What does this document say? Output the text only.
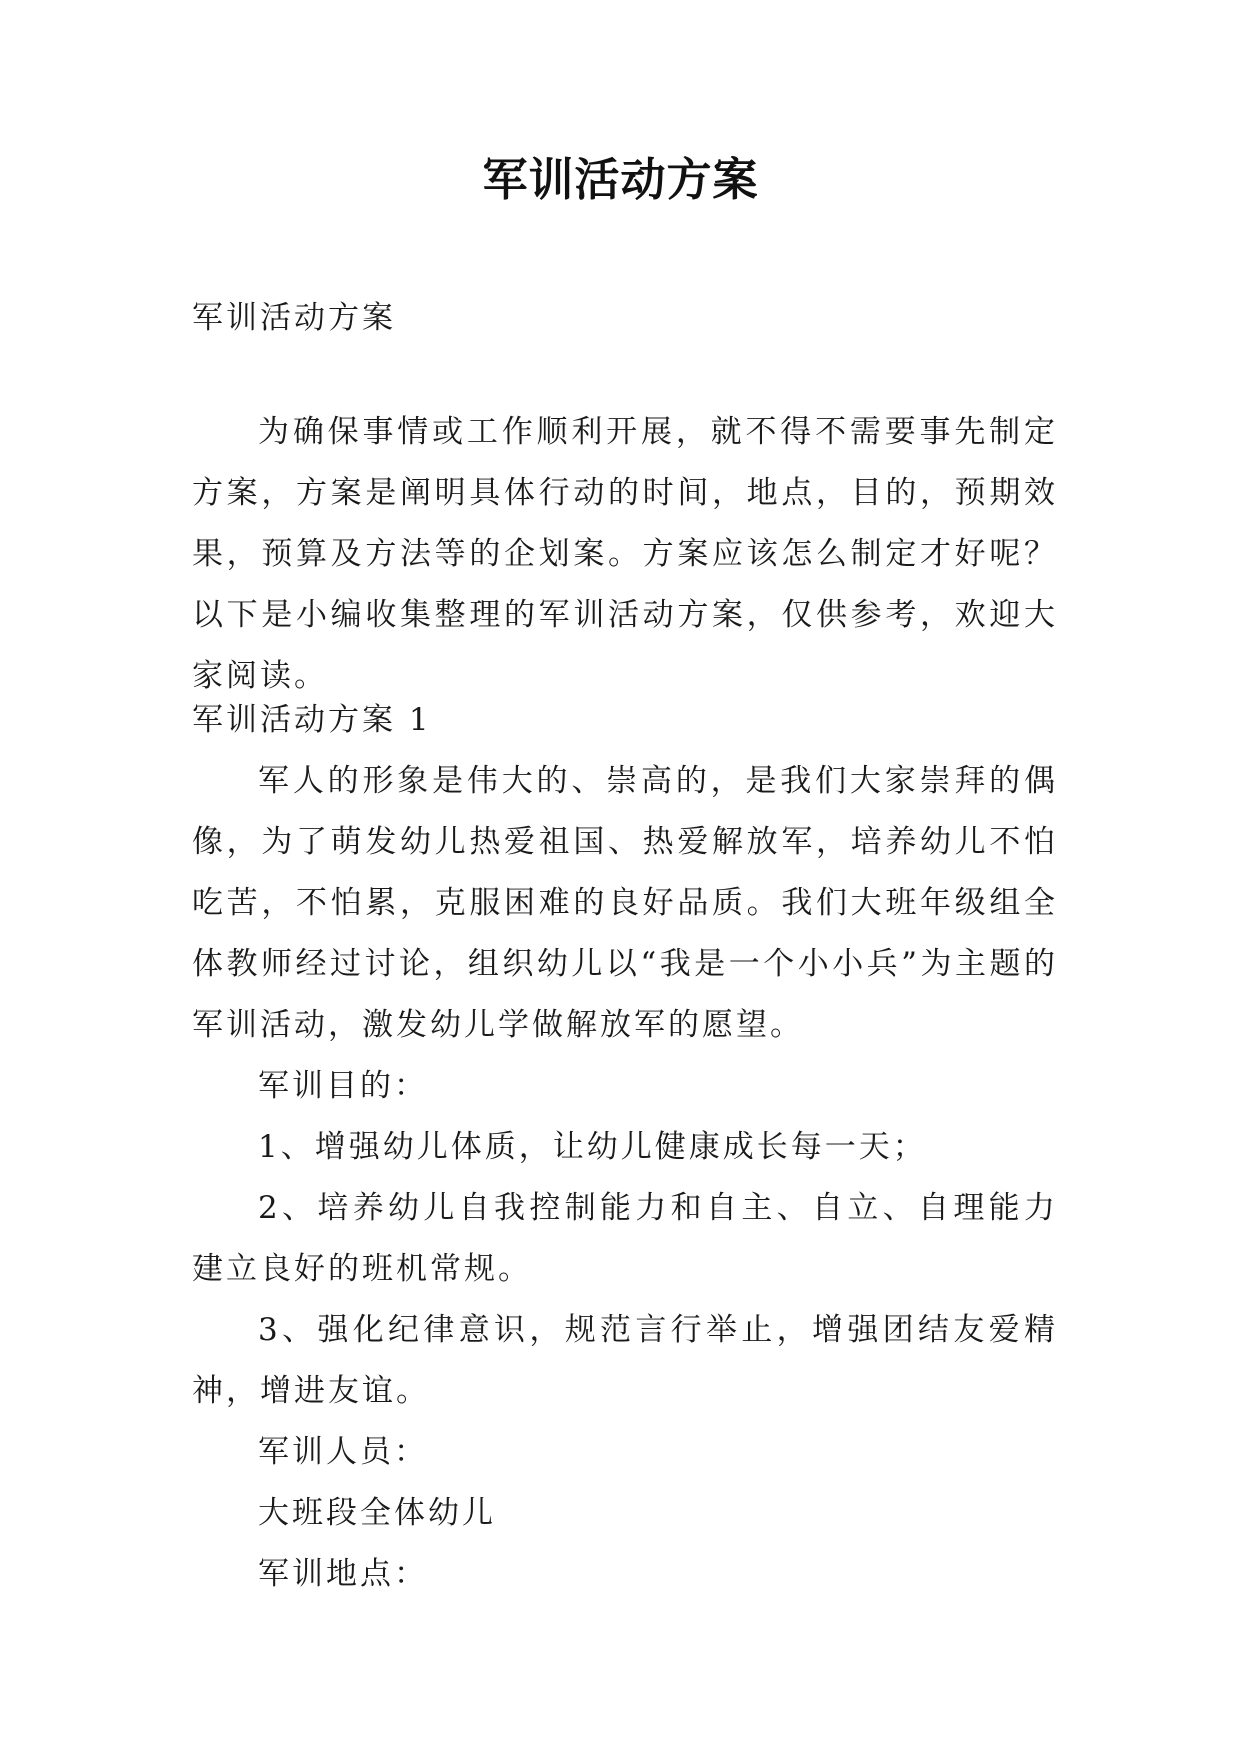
军训活动方案

军训活动方案

为确保事情或工作顺利开展，就不得不需要事先制定方案，方案是阐明具体行动的时间，地点，目的，预期效果，预算及方法等的企划案。方案应该怎么制定才好呢？以下是小编收集整理的军训活动方案，仅供参考，欢迎大家阅读。

军训活动方案 1

军人的形象是伟大的、崇高的，是我们大家崇拜的偶像，为了萌发幼儿热爱祖国、热爱解放军，培养幼儿不怕吃苦，不怕累，克服困难的良好品质。我们大班年级组全体教师经过讨论，组织幼儿以“我是一个小小兵”为主题的军训活动，激发幼儿学做解放军的愿望。

军训目的：

1、增强幼儿体质，让幼儿健康成长每一天；

2、培养幼儿自我控制能力和自主、自立、自理能力建立良好的班机常规。

3、强化纪律意识，规范言行举止，增强团结友爱精神，增进友谊。

军训人员：

大班段全体幼儿

军训地点：
